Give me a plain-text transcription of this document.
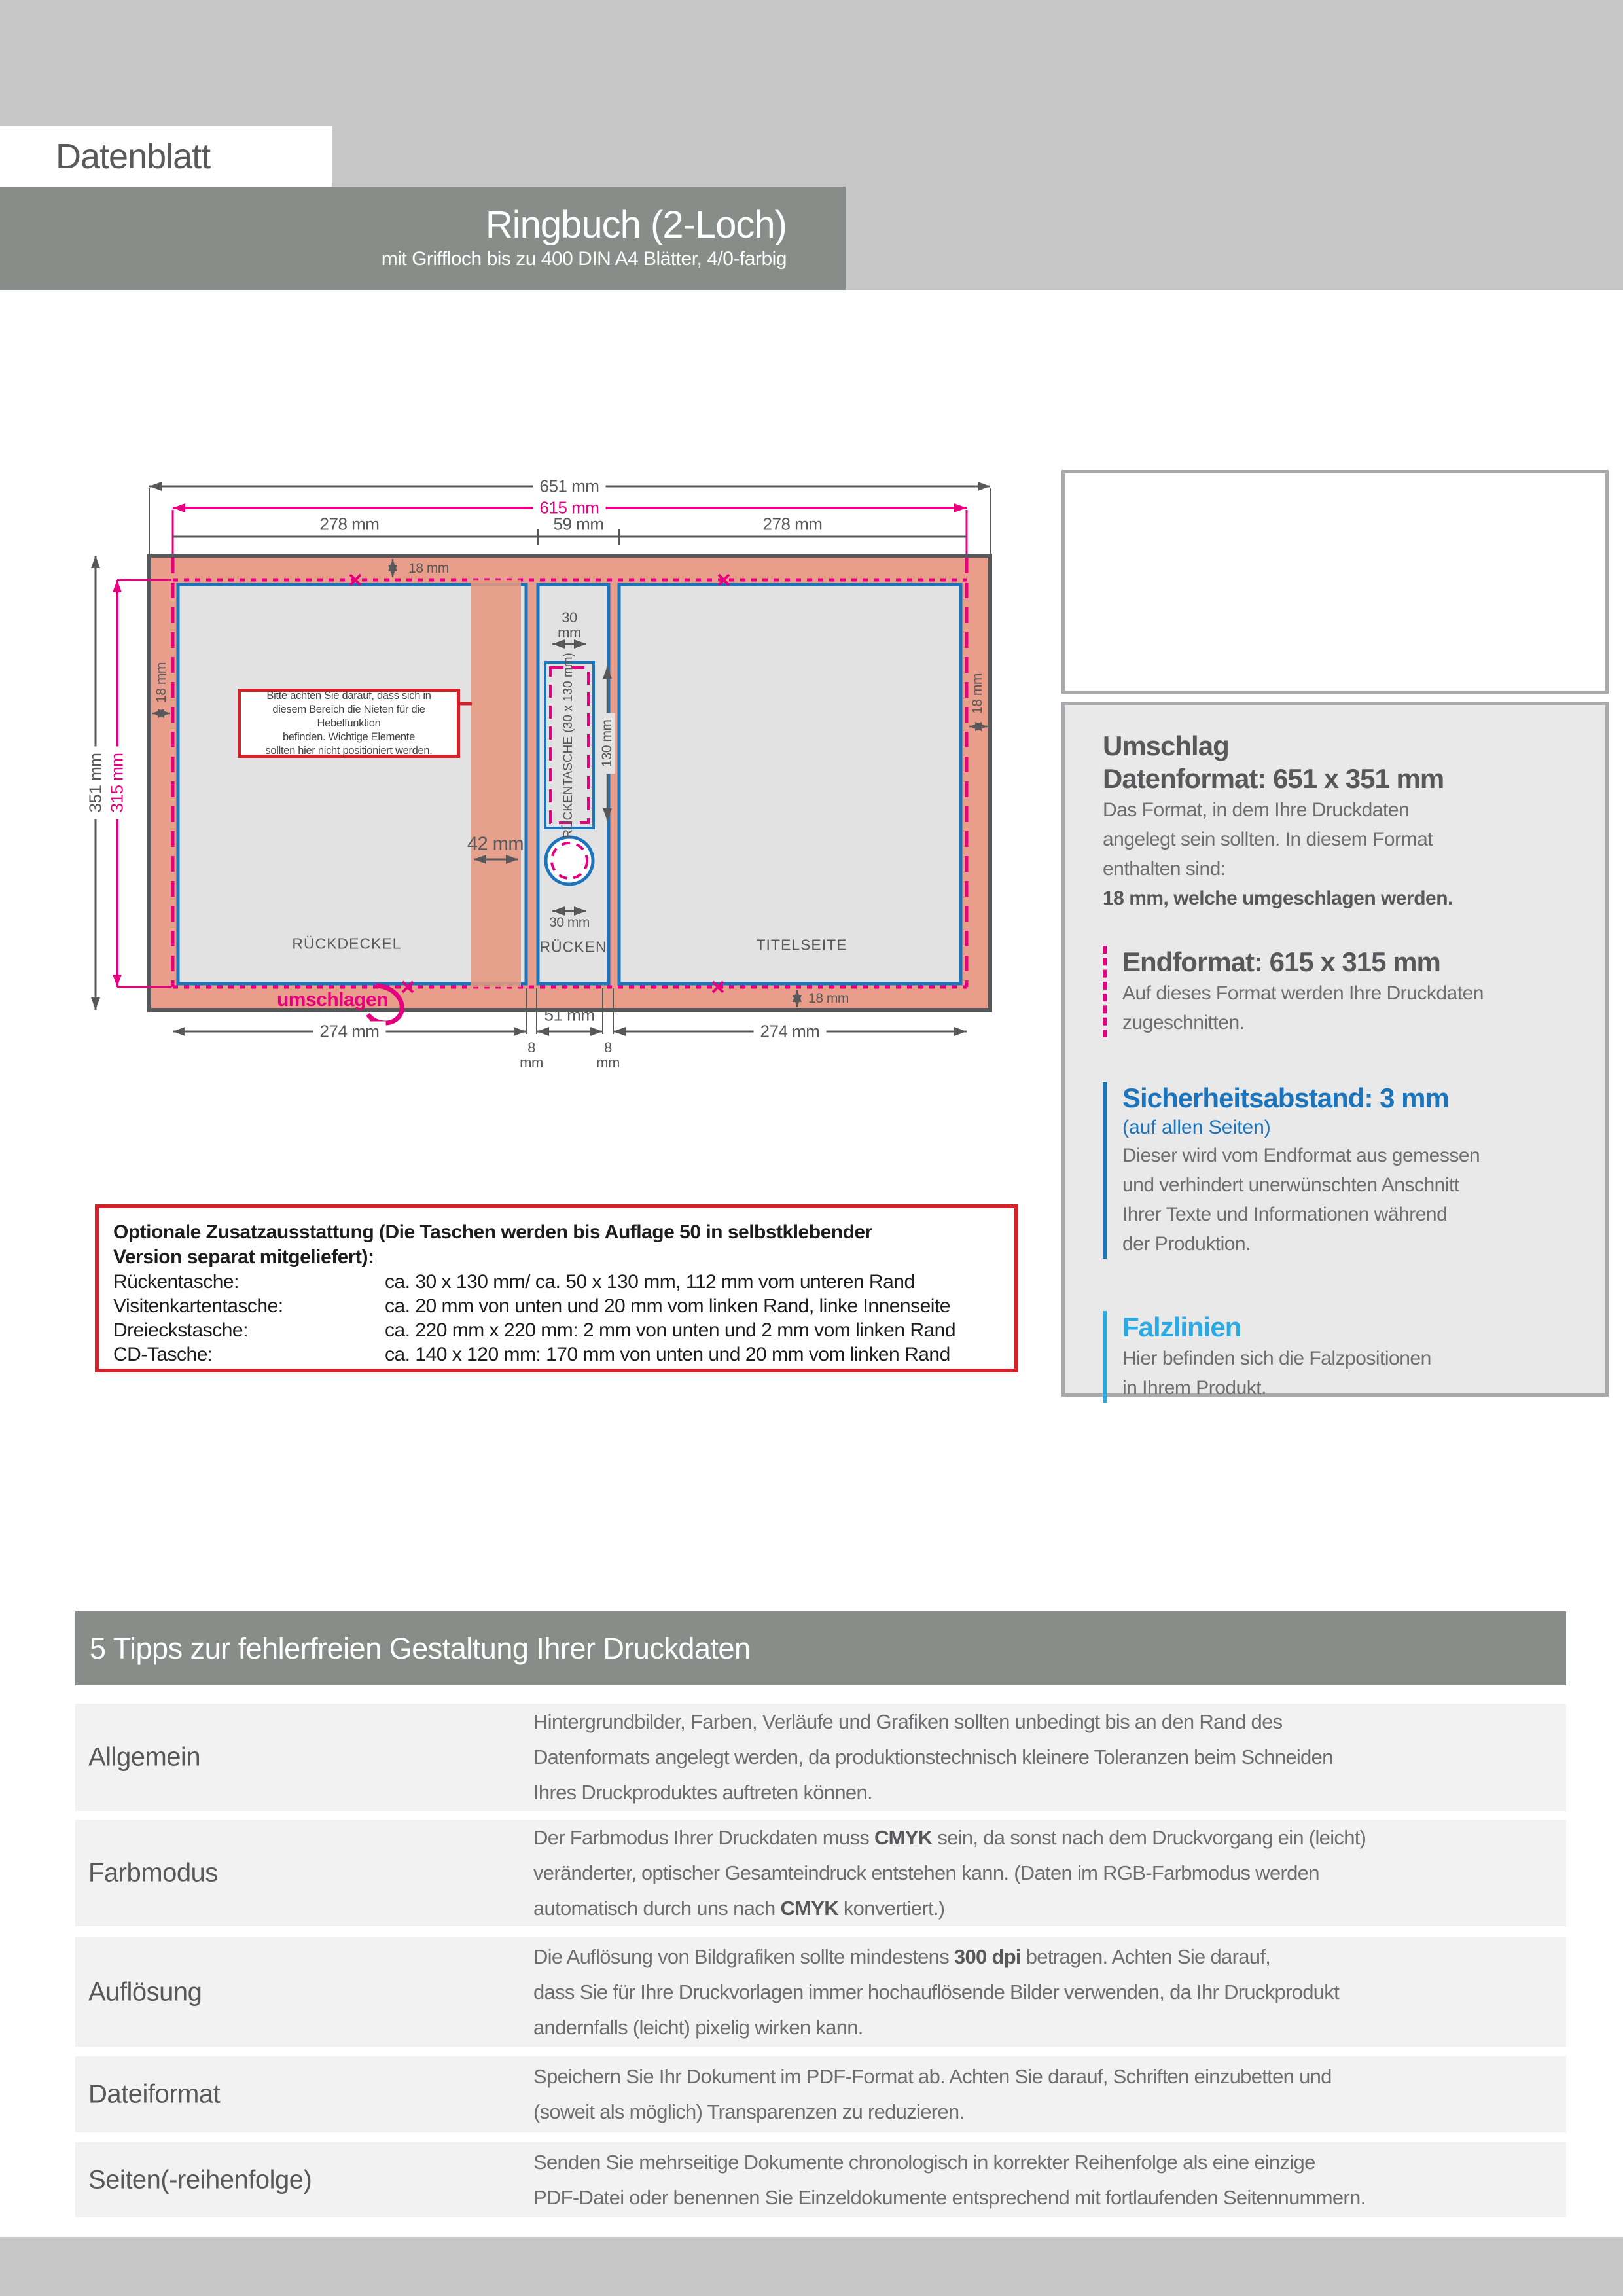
Datenblatt
Ringbuch (2-Loch)
mit Griffloch bis zu 400 DIN A4 Blätter, 4/0-farbig
651 mm
615 mm
278 mm	59 mm	278 mm
18 mm
18 mm	18 mm
18 mm
351 mm 315 mm
42 mm
30
mm
130 mm
30 mm
RÜCKENTASCHE (30 x 130 mm)
RÜCKDECKEL	RÜCKEN	TITELSEITE
umschlagen
274 mm
51 mm
274 mm
8
mm
8
mm
Bitte achten Sie darauf, dass sich in
diesem Bereich die Nieten für die Hebelfunktion
befinden. Wichtige Elemente
sollten hier nicht positioniert werden.	Umschlag
Datenformat: 651 x 351 mm
Das Format, in dem Ihre Druckdaten
angelegt sein sollten. In diesem Format
enthalten sind:
18 mm, welche umgeschlagen werden.
Endformat: 615 x 315 mm
Auf dieses Format werden Ihre Druckdaten
zugeschnitten.
Sicherheitsabstand: 3 mm
(auf allen Seiten)
Dieser wird vom Endformat aus gemessen
und verhindert unerwünschten Anschnitt
Ihrer Texte und Informationen während
der Produktion.
Falzlinien
Hier befinden sich die Falzpositionen
in Ihrem Produkt.
Optionale Zusatzausstattung (Die Taschen werden bis Auflage 50 in selbstklebender
Version separat mitgeliefert):
Rückentasche:	ca. 30 x 130 mm/ ca. 50 x 130 mm, 112 mm vom unteren Rand
Visitenkartentasche:	ca. 20 mm von unten und 20 mm vom linken Rand, linke Innenseite
Dreieckstasche:	ca. 220 mm x 220 mm: 2 mm von unten und 2 mm vom linken Rand
CD-Tasche:	ca. 140 x 120 mm: 170 mm von unten und 20 mm vom linken Rand
5 Tipps zur fehlerfreien Gestaltung Ihrer Druckdaten
Allgemein
Hintergrundbilder, Farben, Verläufe und Grafiken sollten unbedingt bis an den Rand des
Datenformats angelegt werden, da produktionstechnisch kleinere Toleranzen beim Schneiden
Ihres Druckproduktes auftreten können.
Farbmodus
Der Farbmodus Ihrer Druckdaten muss CMYK sein, da sonst nach dem Druckvorgang ein (leicht)
veränderter, optischer Gesamteindruck entstehen kann. (Daten im RGB-Farbmodus werden
automatisch durch uns nach CMYK konvertiert.)
Auflösung
Die Auflösung von Bildgrafiken sollte mindestens 300 dpi betragen. Achten Sie darauf,
dass Sie für Ihre Druckvorlagen immer hochauflösende Bilder verwenden, da Ihr Druckprodukt
andernfalls (leicht) pixelig wirken kann.
Dateiformat
Speichern Sie Ihr Dokument im PDF-Format ab. Achten Sie darauf, Schriften einzubetten und
(soweit als möglich) Transparenzen zu reduzieren.
Seiten(-reihenfolge)
Senden Sie mehrseitige Dokumente chronologisch in korrekter Reihenfolge als eine einzige
PDF-Datei oder benennen Sie Einzeldokumente entsprechend mit fortlaufenden Seitennummern.
